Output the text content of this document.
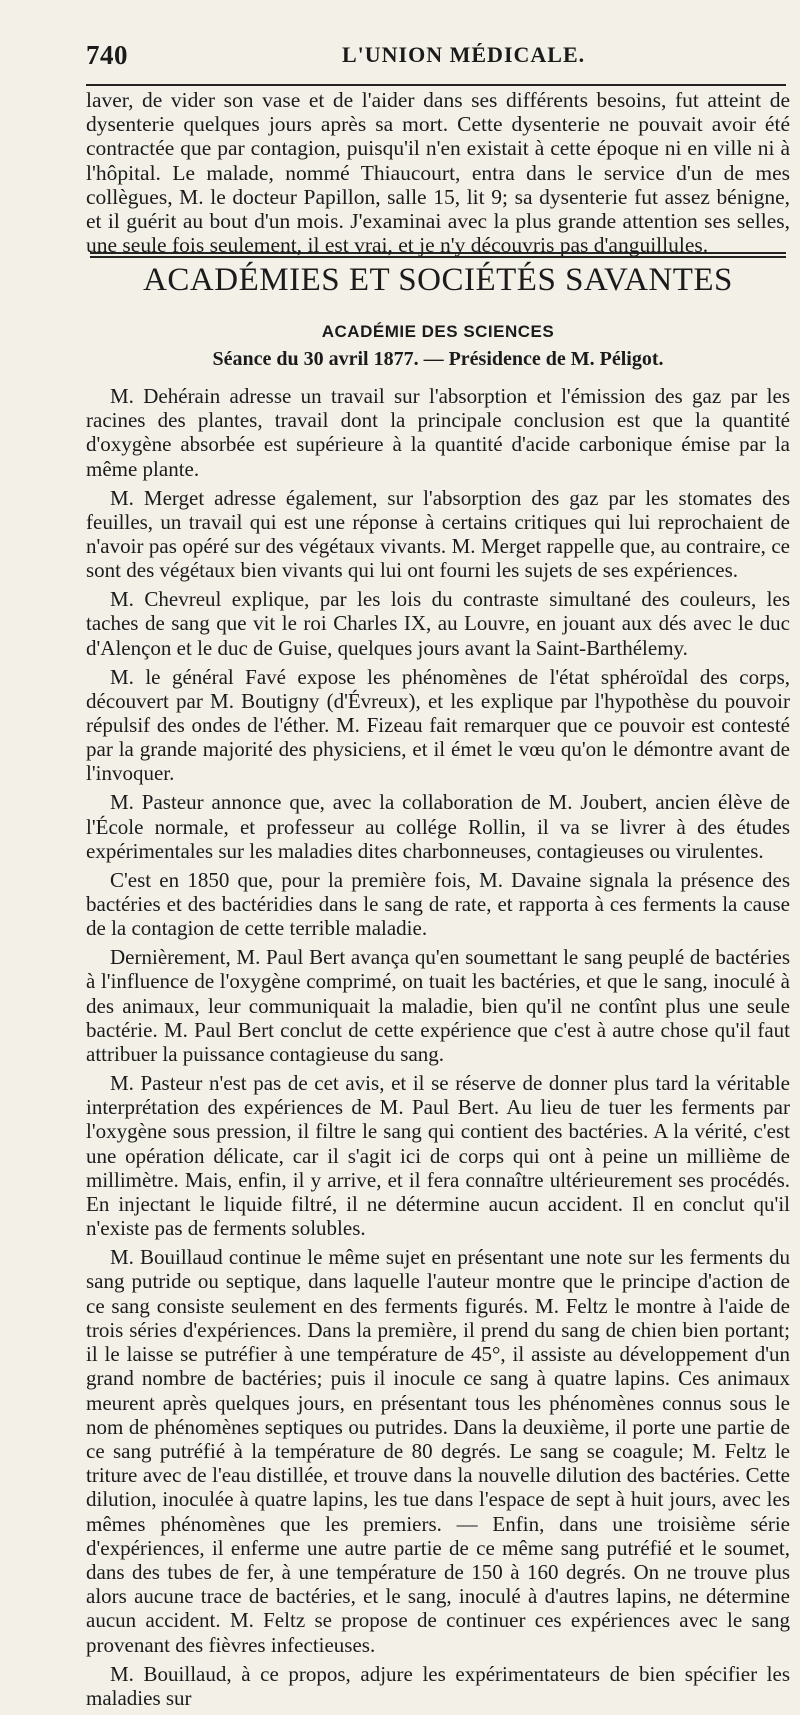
740	L'UNION MÉDICALE.

laver, de vider son vase et de l'aider dans ses différents besoins, fut atteint de dysenterie quelques jours après sa mort. Cette dysenterie ne pouvait avoir été contractée que par contagion, puisqu'il n'en existait à cette époque ni en ville ni à l'hôpital. Le malade, nommé Thiaucourt, entra dans le service d'un de mes collègues, M. le docteur Papillon, salle 15, lit 9; sa dysenterie fut assez bénigne, et il guérit au bout d'un mois. J'examinai avec la plus grande attention ses selles, une seule fois seulement, il est vrai, et je n'y découvris pas d'anguillules.

ACADÉMIES ET SOCIÉTÉS SAVANTES
ACADÉMIE DES SCIENCES
Séance du 30 avril 1877. — Présidence de M. Péligot.

M. Dehérain adresse un travail sur l'absorption et l'émission des gaz par les racines des plantes, travail dont la principale conclusion est que la quantité d'oxygène absorbée est supérieure à la quantité d'acide carbonique émise par la même plante.

M. Merget adresse également, sur l'absorption des gaz par les stomates des feuilles, un travail qui est une réponse à certains critiques qui lui reprochaient de n'avoir pas opéré sur des végétaux vivants. M. Merget rappelle que, au contraire, ce sont des végétaux bien vivants qui lui ont fourni les sujets de ses expériences.

M. Chevreul explique, par les lois du contraste simultané des couleurs, les taches de sang que vit le roi Charles IX, au Louvre, en jouant aux dés avec le duc d'Alençon et le duc de Guise, quelques jours avant la Saint-Barthélemy.

M. le général Favé expose les phénomènes de l'état sphéroïdal des corps, découvert par M. Boutigny (d'Évreux), et les explique par l'hypothèse du pouvoir répulsif des ondes de l'éther. M. Fizeau fait remarquer que ce pouvoir est contesté par la grande majorité des physiciens, et il émet le vœu qu'on le démontre avant de l'invoquer.

M. Pasteur annonce que, avec la collaboration de M. Joubert, ancien élève de l'École normale, et professeur au collége Rollin, il va se livrer à des études expérimentales sur les maladies dites charbonneuses, contagieuses ou virulentes.

C'est en 1850 que, pour la première fois, M. Davaine signala la présence des bactéries et des bactéridies dans le sang de rate, et rapporta à ces ferments la cause de la contagion de cette terrible maladie.

Dernièrement, M. Paul Bert avança qu'en soumettant le sang peuplé de bactéries à l'influence de l'oxygène comprimé, on tuait les bactéries, et que le sang, inoculé à des animaux, leur communiquait la maladie, bien qu'il ne contînt plus une seule bactérie. M. Paul Bert conclut de cette expérience que c'est à autre chose qu'il faut attribuer la puissance contagieuse du sang.

M. Pasteur n'est pas de cet avis, et il se réserve de donner plus tard la véritable interprétation des expériences de M. Paul Bert. Au lieu de tuer les ferments par l'oxygène sous pression, il filtre le sang qui contient des bactéries. A la vérité, c'est une opération délicate, car il s'agit ici de corps qui ont à peine un millième de millimètre. Mais, enfin, il y arrive, et il fera connaître ultérieurement ses procédés. En injectant le liquide filtré, il ne détermine aucun accident. Il en conclut qu'il n'existe pas de ferments solubles.

M. Bouillaud continue le même sujet en présentant une note sur les ferments du sang putride ou septique, dans laquelle l'auteur montre que le principe d'action de ce sang consiste seulement en des ferments figurés. M. Feltz le montre à l'aide de trois séries d'expériences. Dans la première, il prend du sang de chien bien portant; il le laisse se putréfier à une température de 45°, il assiste au développement d'un grand nombre de bactéries; puis il inocule ce sang à quatre lapins. Ces animaux meurent après quelques jours, en présentant tous les phénomènes connus sous le nom de phénomènes septiques ou putrides. Dans la deuxième, il porte une partie de ce sang putréfié à la température de 80 degrés. Le sang se coagule; M. Feltz le triture avec de l'eau distillée, et trouve dans la nouvelle dilution des bactéries. Cette dilution, inoculée à quatre lapins, les tue dans l'espace de sept à huit jours, avec les mêmes phénomènes que les premiers. — Enfin, dans une troisième série d'expériences, il enferme une autre partie de ce même sang putréfié et le soumet, dans des tubes de fer, à une température de 150 à 160 degrés. On ne trouve plus alors aucune trace de bactéries, et le sang, inoculé à d'autres lapins, ne détermine aucun accident. M. Feltz se propose de continuer ces expériences avec le sang provenant des fièvres infectieuses.

M. Bouillaud, à ce propos, adjure les expérimentateurs de bien spécifier les maladies sur
